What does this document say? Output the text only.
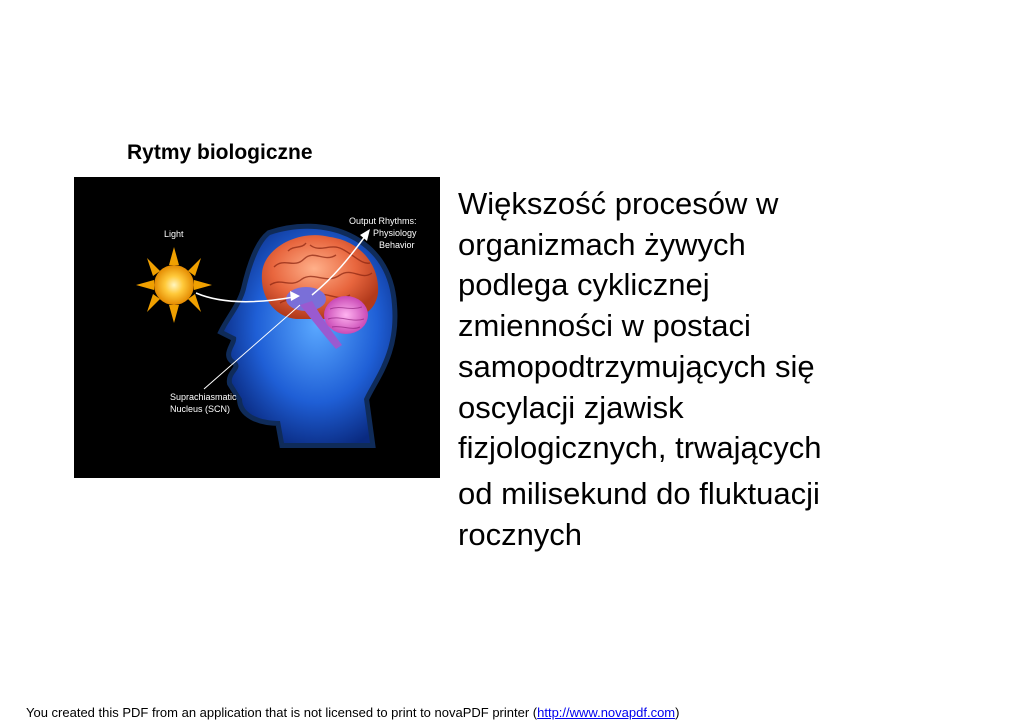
Rytmy biologiczne
Light
Output Rhythms:
Physiology
Behavior
Suprachiasmatic
Nucleus (SCN)
Większość procesów w
organizmach żywych
podlega cyklicznej
zmienności w postaci
samopodtrzymujących się
oscylacji zjawisk
fizjologicznych, trwających
od milisekund do fluktuacji
rocznych
You created this PDF from an application that is not licensed to print to novaPDF printer (http://www.novapdf.com)
